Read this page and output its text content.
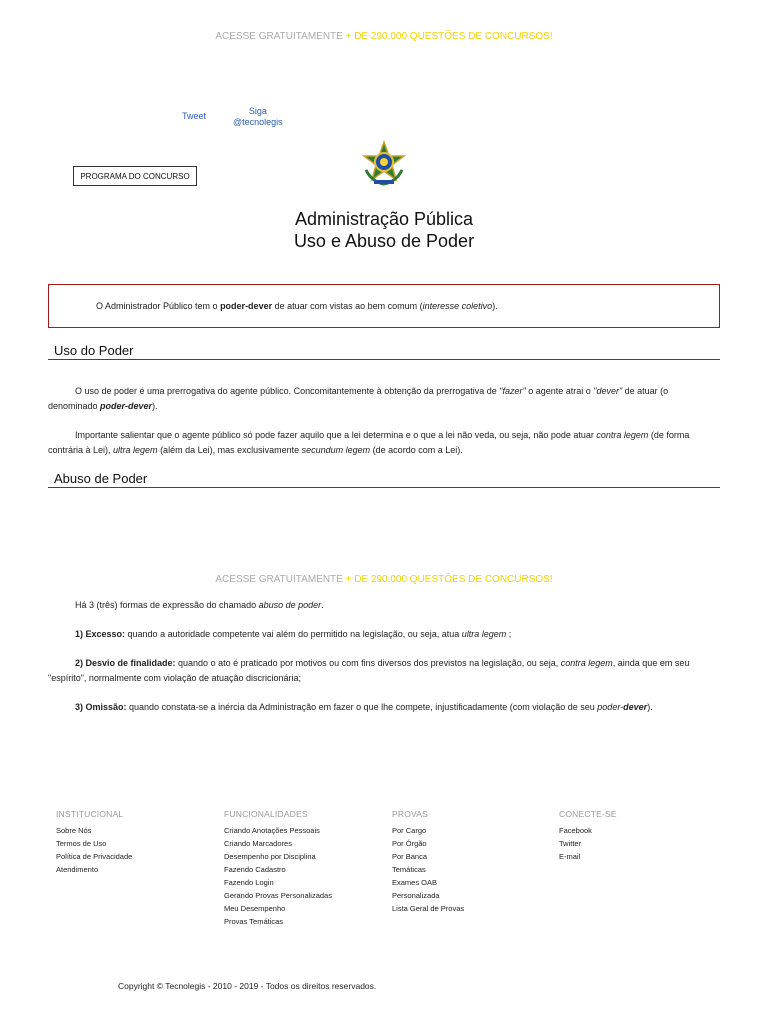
ACESSE GRATUITAMENTE + DE 290.000 QUESTÕES DE CONCURSOS!
Tweet	Siga
@tecnolegis
PROGRAMA DO CONCURSO
Administração Pública
Uso e Abuso de Poder
O Administrador Público tem o poder-dever de atuar com vistas ao bem comum (interesse coletivo).
Uso do Poder
O uso de poder é uma prerrogativa do agente público. Concomitantemente à obtenção da prerrogativa de "fazer" o agente atrai o "dever" de atuar (o denominado poder-dever).
Importante salientar que o agente público só pode fazer aquilo que a lei determina e o que a lei não veda, ou seja, não pode atuar contra legem (de forma contrária à Lei), ultra legem (além da Lei), mas exclusivamente secundum legem (de acordo com a Lei).
Abuso de Poder
ACESSE GRATUITAMENTE + DE 290.000 QUESTÕES DE CONCURSOS!
Há 3 (três) formas de expressão do chamado abuso de poder.
1) Excesso: quando a autoridade competente vai além do permitido na legislação, ou seja, atua ultra legem ;
2) Desvio de finalidade: quando o ato é praticado por motivos ou com fins diversos dos previstos na legislação, ou seja, contra legem, ainda que em seu "espírito", normalmente com violação de atuação discricionária;
3) Omissão: quando constata-se a inércia da Administração em fazer o que lhe compete, injustificadamente (com violação de seu poder-dever).
INSTITUCIONAL
Sobre Nós
Termos de Uso
Política de Privacidade
Atendimento
FUNCIONALIDADES
Criando Anotações Pessoais
Criando Marcadores
Desempenho por Disciplina
Fazendo Cadastro
Fazendo Login
Gerando Provas Personalizadas
Meu Desempenho
Provas Temáticas
PROVAS
Por Cargo
Por Órgão
Por Banca
Temáticas
Exames OAB
Personalizada
Lista Geral de Provas
CONECTE-SE
Facebook
Twitter
E-mail
Copyright © Tecnolegis - 2010 - 2019 - Todos os direitos reservados.
